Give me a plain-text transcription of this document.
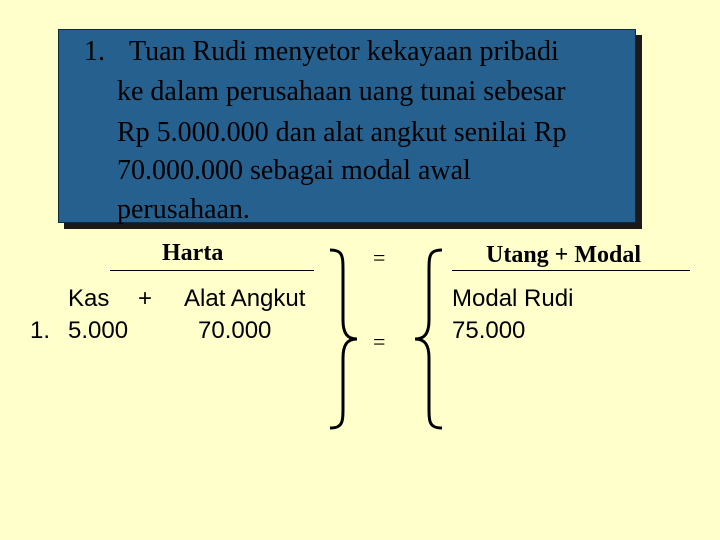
1. Tuan Rudi menyetor kekayaan pribadi
ke dalam perusahaan uang tunai sebesar
Rp 5.000.000 dan alat angkut senilai Rp
70.000.000 sebagai modal awal
perusahaan.
Harta	Utang + Modal
=
=
Kas + Alat Angkut
1. 5.000	70.000
Modal Rudi
75.000
